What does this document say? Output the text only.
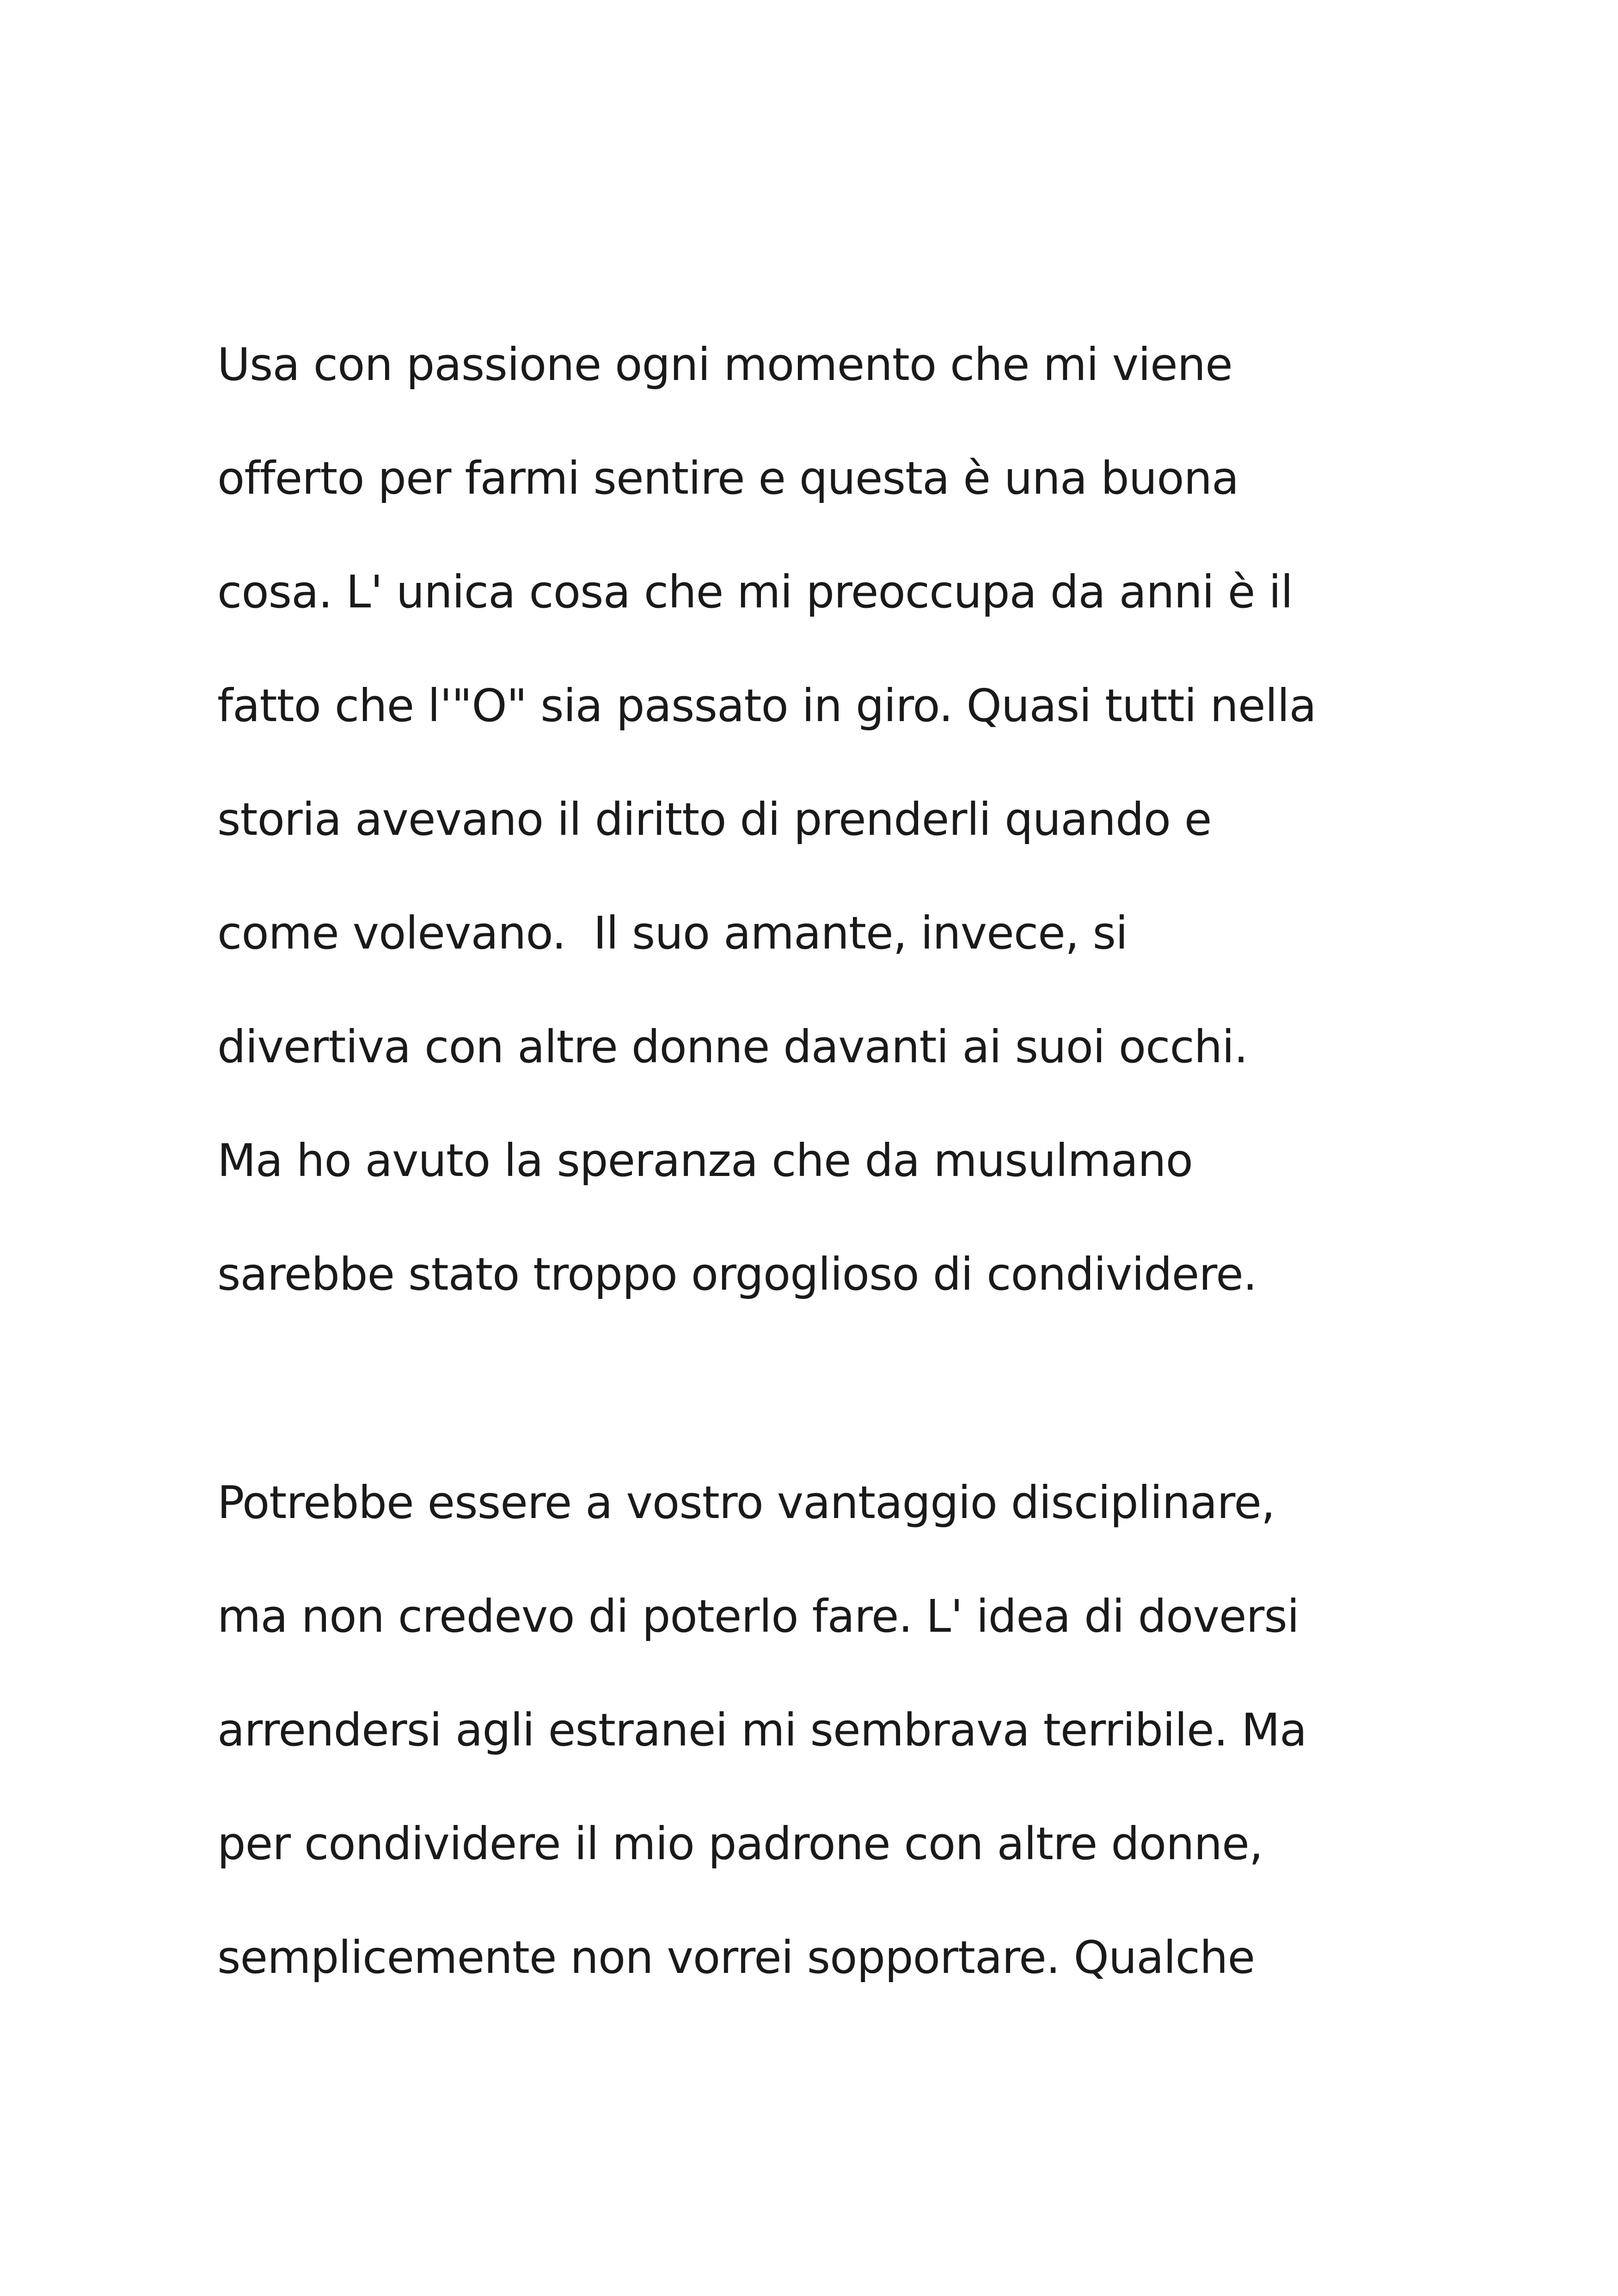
Usa con passione ogni momento che mi viene
offerto per farmi sentire e questa è una buona
cosa. L' unica cosa che mi preoccupa da anni è il
fatto che l'"O" sia passato in giro. Quasi tutti nella
storia avevano il diritto di prenderli quando e
come volevano.  Il suo amante, invece, si
divertiva con altre donne davanti ai suoi occhi.
Ma ho avuto la speranza che da musulmano
sarebbe stato troppo orgoglioso di condividere.
Potrebbe essere a vostro vantaggio disciplinare,
ma non credevo di poterlo fare. L' idea di doversi
arrendersi agli estranei mi sembrava terribile. Ma
per condividere il mio padrone con altre donne,
semplicemente non vorrei sopportare. Qualche
